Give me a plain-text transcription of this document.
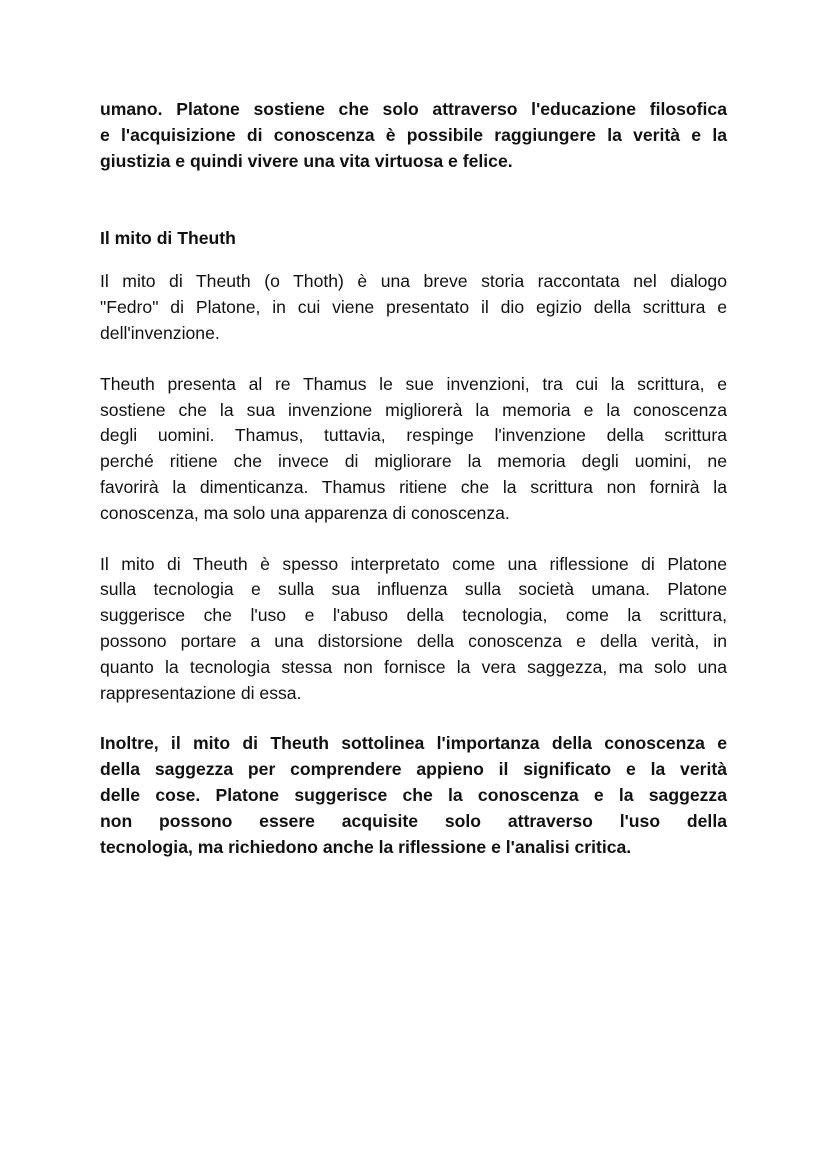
umano. Platone sostiene che solo attraverso l'educazione filosofica
e l'acquisizione di conoscenza è possibile raggiungere la verità e la
giustizia e quindi vivere una vita virtuosa e felice.

Il mito di Theuth

Il mito di Theuth (o Thoth) è una breve storia raccontata nel dialogo
"Fedro" di Platone, in cui viene presentato il dio egizio della scrittura e
dell'invenzione.

Theuth presenta al re Thamus le sue invenzioni, tra cui la scrittura, e
sostiene che la sua invenzione migliorerà la memoria e la conoscenza
degli uomini. Thamus, tuttavia, respinge l'invenzione della scrittura
perché ritiene che invece di migliorare la memoria degli uomini, ne
favorirà la dimenticanza. Thamus ritiene che la scrittura non fornirà la
conoscenza, ma solo una apparenza di conoscenza.

Il mito di Theuth è spesso interpretato come una riflessione di Platone
sulla tecnologia e sulla sua influenza sulla società umana. Platone
suggerisce che l'uso e l'abuso della tecnologia, come la scrittura,
possono portare a una distorsione della conoscenza e della verità, in
quanto la tecnologia stessa non fornisce la vera saggezza, ma solo una
rappresentazione di essa.

Inoltre, il mito di Theuth sottolinea l'importanza della conoscenza e
della saggezza per comprendere appieno il significato e la verità
delle cose. Platone suggerisce che la conoscenza e la saggezza
non possono essere acquisite solo attraverso l'uso della
tecnologia, ma richiedono anche la riflessione e l'analisi critica.
